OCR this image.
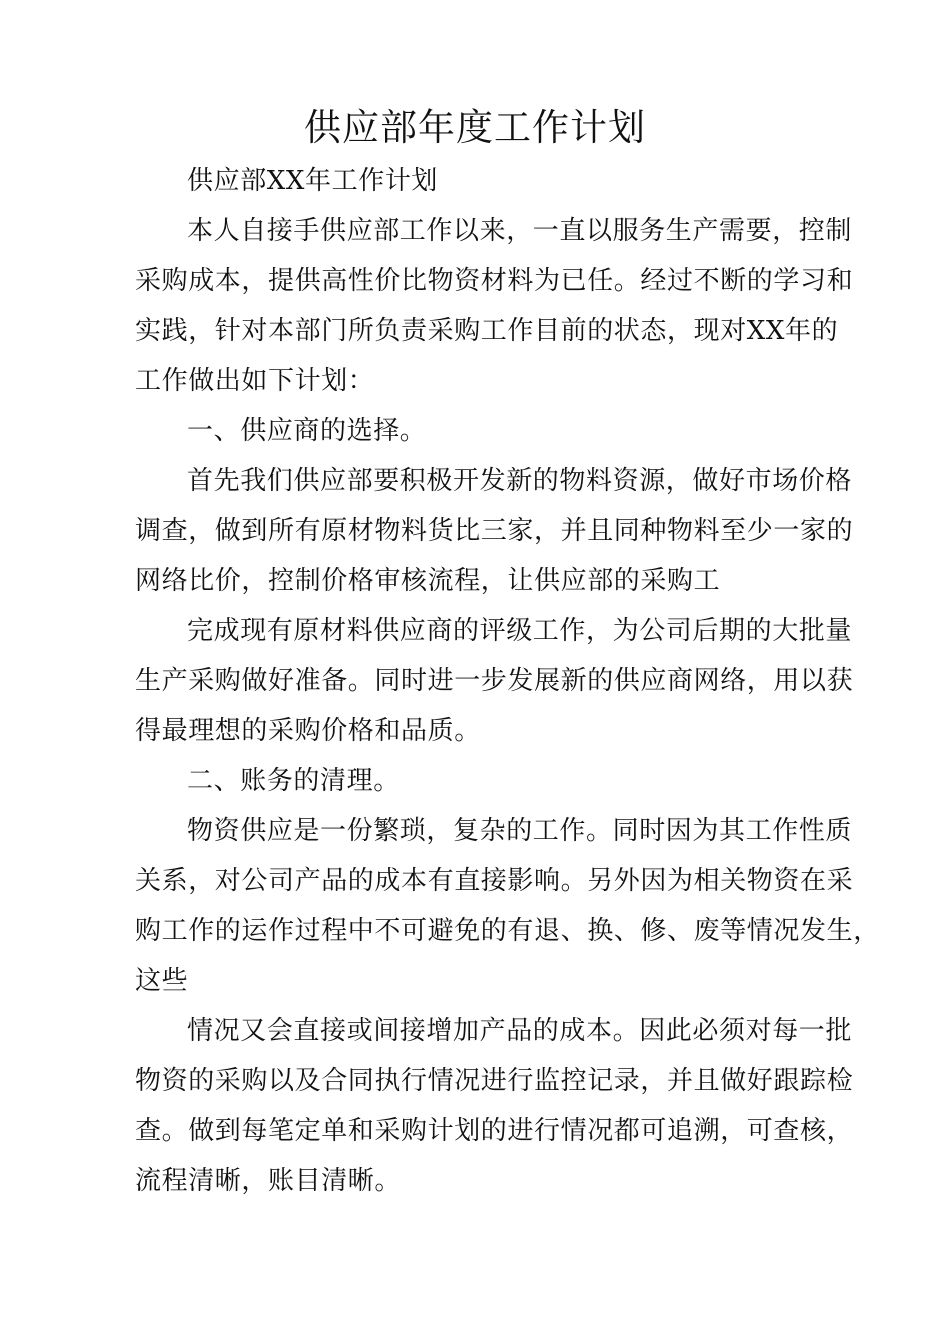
供应部年度工作计划
供应部XX年工作计划
本人自接手供应部工作以来，一直以服务生产需要，控制
采购成本，提供高性价比物资材料为已任。经过不断的学习和
实践，针对本部门所负责采购工作目前的状态，现对XX年的
工作做出如下计划：
一、供应商的选择。
首先我们供应部要积极开发新的物料资源，做好市场价格
调查，做到所有原材物料货比三家，并且同种物料至少一家的
网络比价，控制价格审核流程，让供应部的采购工
完成现有原材料供应商的评级工作，为公司后期的大批量
生产采购做好准备。同时进一步发展新的供应商网络，用以获
得最理想的采购价格和品质。
二、账务的清理。
物资供应是一份繁琐，复杂的工作。同时因为其工作性质
关系，对公司产品的成本有直接影响。另外因为相关物资在采
购工作的运作过程中不可避免的有退、换、修、废等情况发生，
这些
情况又会直接或间接增加产品的成本。因此必须对每一批
物资的采购以及合同执行情况进行监控记录，并且做好跟踪检
查。做到每笔定单和采购计划的进行情况都可追溯，可查核，
流程清晰，账目清晰。
